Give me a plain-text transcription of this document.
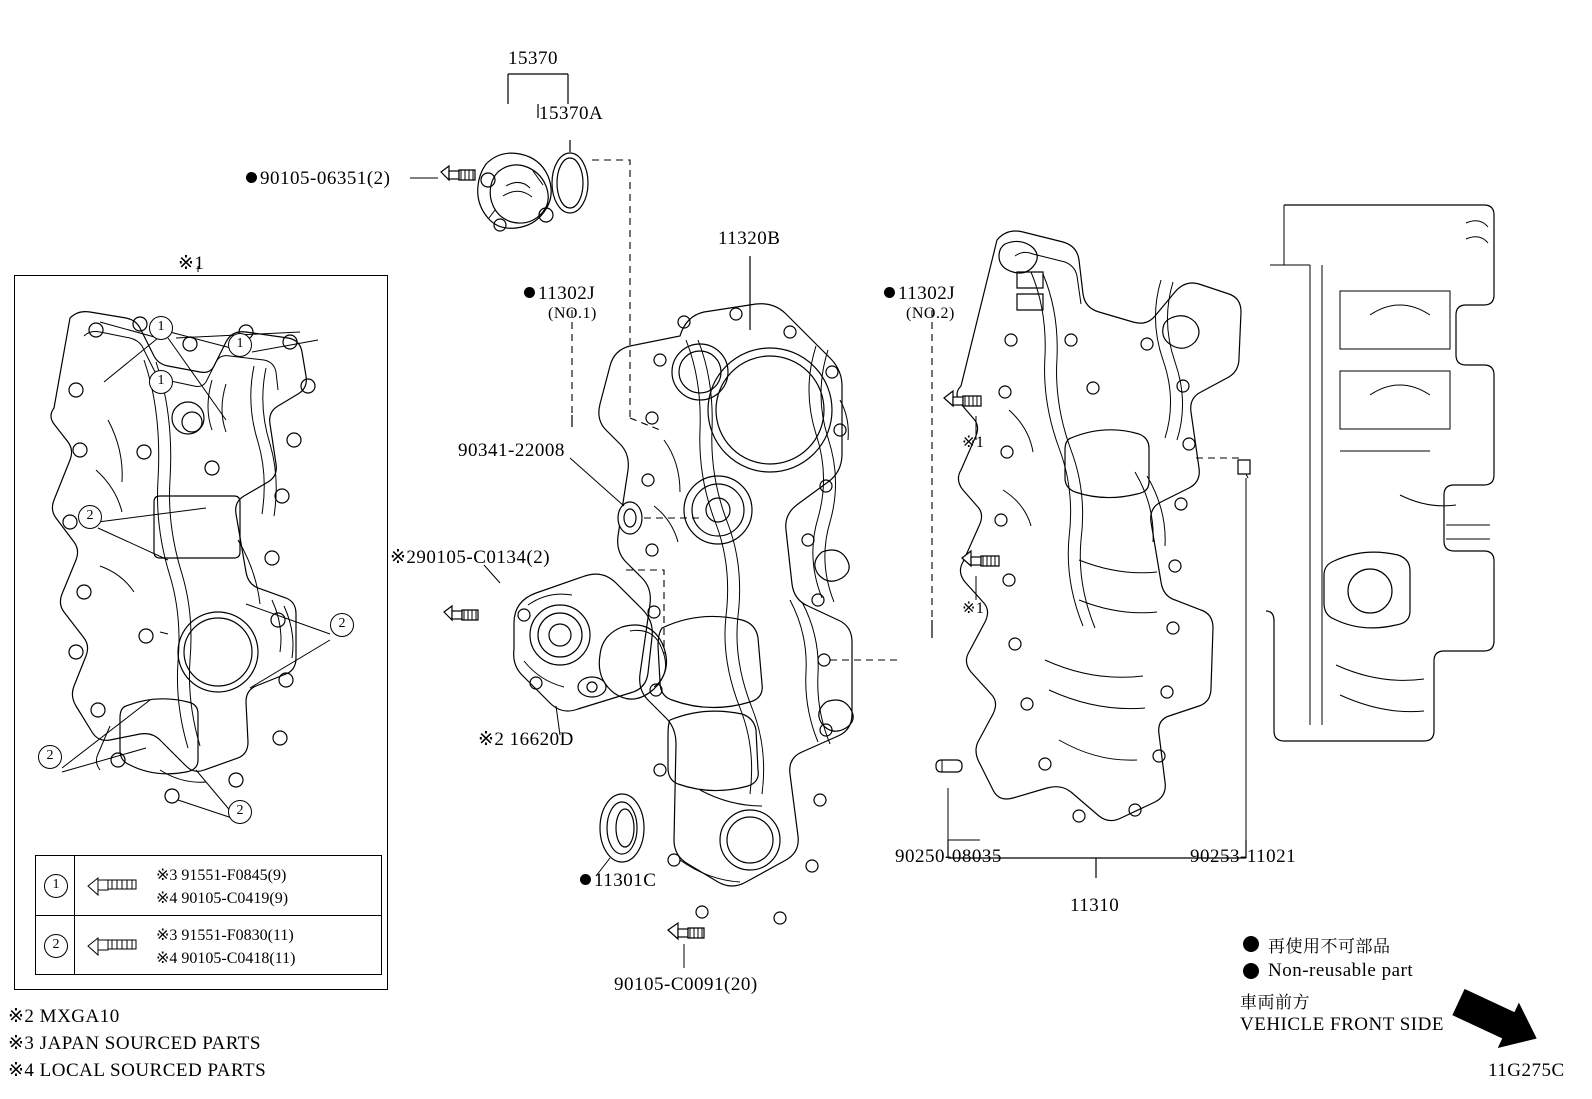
15370
15370A
90105-06351(2)
※1
11320B
11302J
(NO.1)
11302J
(NO.2)
90341-22008
※290105-C0134(2)
※2 16620D
11301C
90105-C0091(20)
90250-08035	90253-11021
11310
※1
※1
1
1
1
2
2
2
2
1
※3 91551-F0845(9)
※4 90105-C0419(9)
2
※3 91551-F0830(11)
※4 90105-C0418(11)
※2 MXGA10
※3 JAPAN SOURCED PARTS
※4 LOCAL SOURCED PARTS
再使用不可部品
Non-reusable part
車両前方
VEHICLE FRONT SIDE
11G275C
